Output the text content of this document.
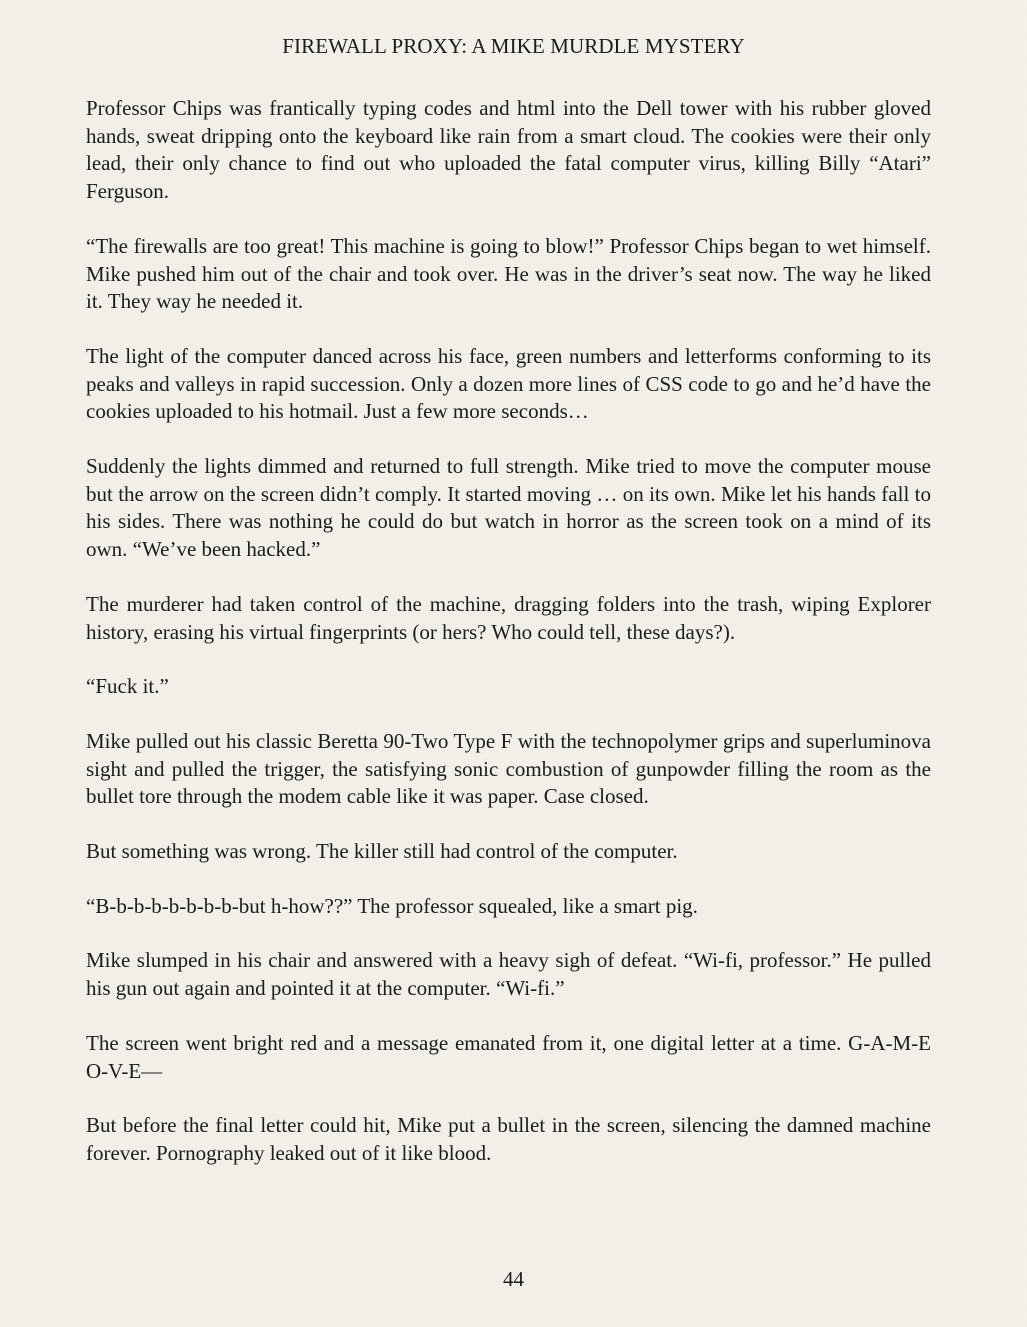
FIREWALL PROXY: A MIKE MURDLE MYSTERY

Professor Chips was frantically typing codes and html into the Dell tower with his rubber gloved hands, sweat dripping onto the keyboard like rain from a smart cloud. The cookies were their only lead, their only chance to find out who uploaded the fatal computer virus, killing Billy “Atari” Ferguson.

“The firewalls are too great! This machine is going to blow!” Professor Chips began to wet himself. Mike pushed him out of the chair and took over. He was in the driver’s seat now. The way he liked it. They way he needed it.

The light of the computer danced across his face, green numbers and letterforms conforming to its peaks and valleys in rapid succession. Only a dozen more lines of CSS code to go and he’d have the cookies uploaded to his hotmail. Just a few more seconds…

Suddenly the lights dimmed and returned to full strength. Mike tried to move the computer mouse but the arrow on the screen didn’t comply. It started moving … on its own. Mike let his hands fall to his sides. There was nothing he could do but watch in horror as the screen took on a mind of its own. “We’ve been hacked.”

The murderer had taken control of the machine, dragging folders into the trash, wiping Explorer history, erasing his virtual fingerprints (or hers? Who could tell, these days?).

“Fuck it.”

Mike pulled out his classic Beretta 90-Two Type F with the technopolymer grips and superluminova sight and pulled the trigger, the satisfying sonic combustion of gunpowder filling the room as the bullet tore through the modem cable like it was paper. Case closed.

But something was wrong. The killer still had control of the computer.

“B-b-b-b-b-b-b-b-but h-how??” The professor squealed, like a smart pig.

Mike slumped in his chair and answered with a heavy sigh of defeat. “Wi-fi, professor.” He pulled his gun out again and pointed it at the computer. “Wi-fi.”

The screen went bright red and a message emanated from it, one digital letter at a time. G-A-M-E O-V-E—

But before the final letter could hit, Mike put a bullet in the screen, silencing the damned machine forever. Pornography leaked out of it like blood.

44
